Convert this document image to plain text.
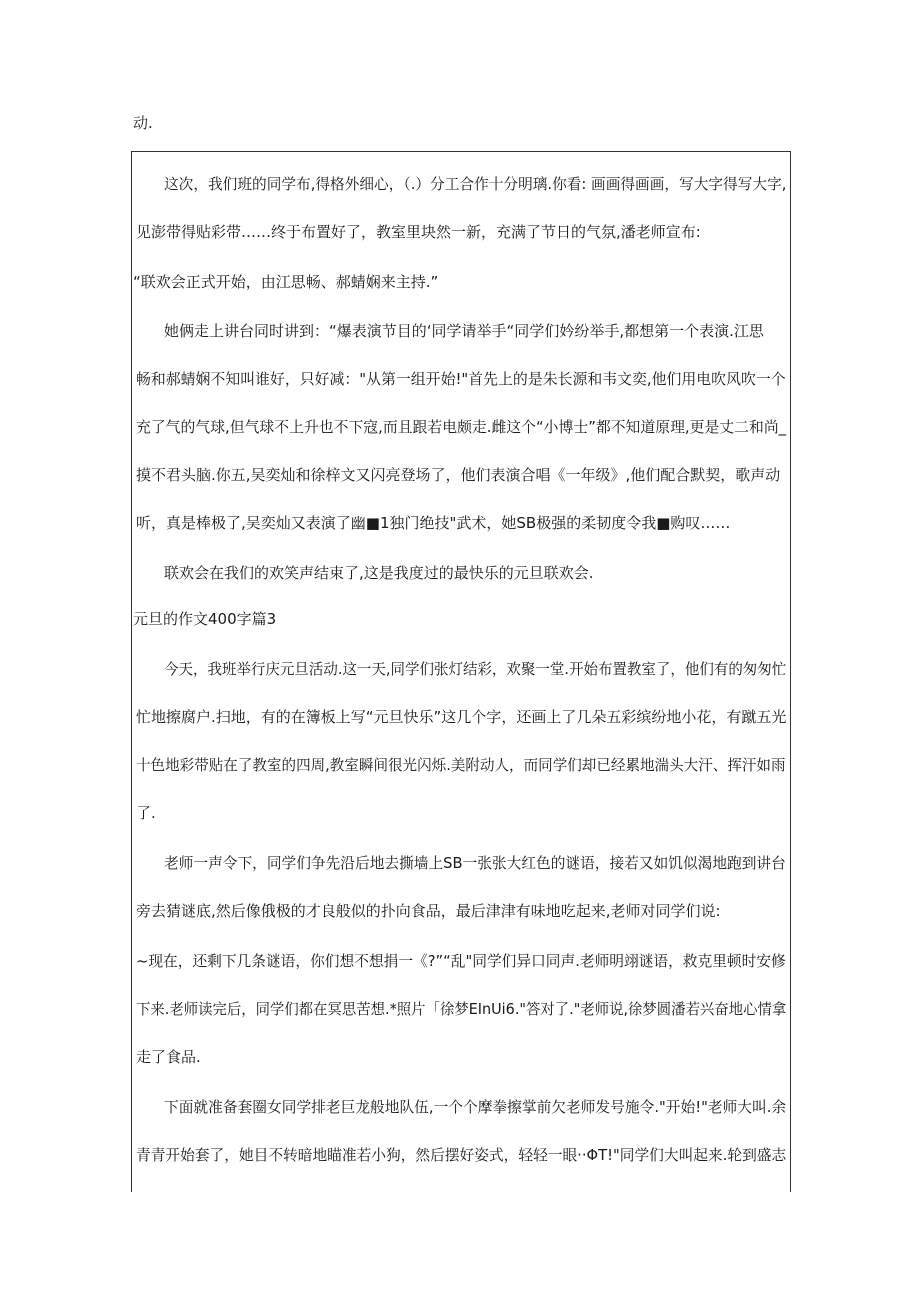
动.
这次，我们班的同学布,得格外细心，（.）分工合作十分明璃.你看: 画画得画画，写大字得写大字,
见澎带得贴彩带……终于布置好了，教室里块然一新，充满了节日的气氛,潘老师宣布:
“联欢会正式开始，由江思畅、郝蜻娴来主持.”
她俩走上讲台同时讲到：“爆表演节目的‘同学请举手“同学们妗纷举手,都想第一个表演.江思
畅和郝蜻娴不知叫谁好，只好减："从第一组开始!"首先上的是朱长源和韦文奕,他们用电吹风吹一个
充了气的气球,但气球不上升也不下寇,而且跟若电颇走.雌这个“小博士”都不知道原理,更是丈二和尚_
摸不君头脑.你五,吴奕灿和徐梓文又闪亮登场了，他们表演合唱《一年级》,他们配合默契，歌声动
听，真是棒极了,吴奕灿又表演了幽■1独门绝技"武术，她SB极强的柔韧度令我■购叹……
联欢会在我们的欢笑声结束了,这是我度过的最快乐的元旦联欢会.
元旦的作文400字篇3
今天，我班举行庆元旦活动.这一天,同学们张灯结彩，欢聚一堂.开始布置教室了，他们有的匆匆忙
忙地擦腐户.扫地，有的在簿板上写“元旦快乐”这几个字，还画上了几朵五彩缤纷地小花，有蹴五光
十色地彩带贴在了教室的四周,教室瞬间很光闪烁.美附动人，而同学们却已经累地湍头大汗、挥汗如雨
了.
老师一声令下，同学们争先沿后地去撕墙上SB一张张大红色的谜语，接若又如饥似渴地跑到讲台
旁去猜谜底,然后像俄极的才良般似的扑向食品，最后津津有味地吃起来,老师对同学们说:
~现在，还剩下几条谜语，你们想不想捐一《?”“乱"同学们异口同声.老师明翊谜语，救克里顿时安修
下来.老师读完后，同学们都在冥思苦想.*照片「徐梦EInUi6."答对了."老师说,徐梦圆潘若兴奋地心情拿
走了食品.
下面就准备套圈女同学排老巨龙般地队伍,一个个摩拳擦掌前欠老师发号施令."开始!"老师大叫.余
青青开始套了，她目不转暗地瞄准若小狗，然后摆好姿式，轻轻一眼··ΦT!"同学们大叫起来.轮到盛志
